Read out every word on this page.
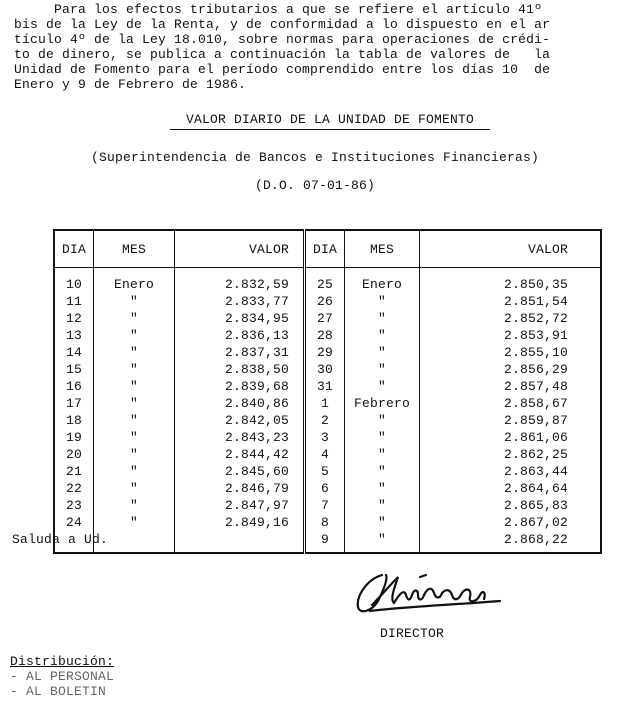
Para los efectos tributarios a que se refiere el artículo 41º
bis de la Ley de la Renta, y de conformidad a lo dispuesto en el ar
tículo 4º de la Ley 18.010, sobre normas para operaciones de crédi-
to de dinero, se publica a continuación la tabla de valores de   la
Unidad de Fomento para el período comprendido entre los días 10  de
Enero y 9 de Febrero de 1986.
VALOR DIARIO DE LA UNIDAD DE FOMENTO
(Superintendencia de Bancos e Instituciones Financieras)
(D.O. 07-01-86)
DIA	MES	VALOR	DIA	MES	VALOR
10	Enero	2.832,59	25	Enero	2.850,35
11	"	2.833,77	26	"	2.851,54
12	"	2.834,95	27	"	2.852,72
13	"	2.836,13	28	"	2.853,91
14	"	2.837,31	29	"	2.855,10
15	"	2.838,50	30	"	2.856,29
16	"	2.839,68	31	"	2.857,48
17	"	2.840,86	1	Febrero	2.858,67
18	"	2.842,05	2	"	2.859,87
19	"	2.843,23	3	"	2.861,06
20	"	2.844,42	4	"	2.862,25
21	"	2.845,60	5	"	2.863,44
22	"	2.846,79	6	"	2.864,64
23	"	2.847,97	7	"	2.865,83
24	"	2.849,16	8	"	2.867,02
			9	"	2.868,22
Saluda a Ud.
DIRECTOR
Distribución:
- AL PERSONAL
- AL BOLETIN
